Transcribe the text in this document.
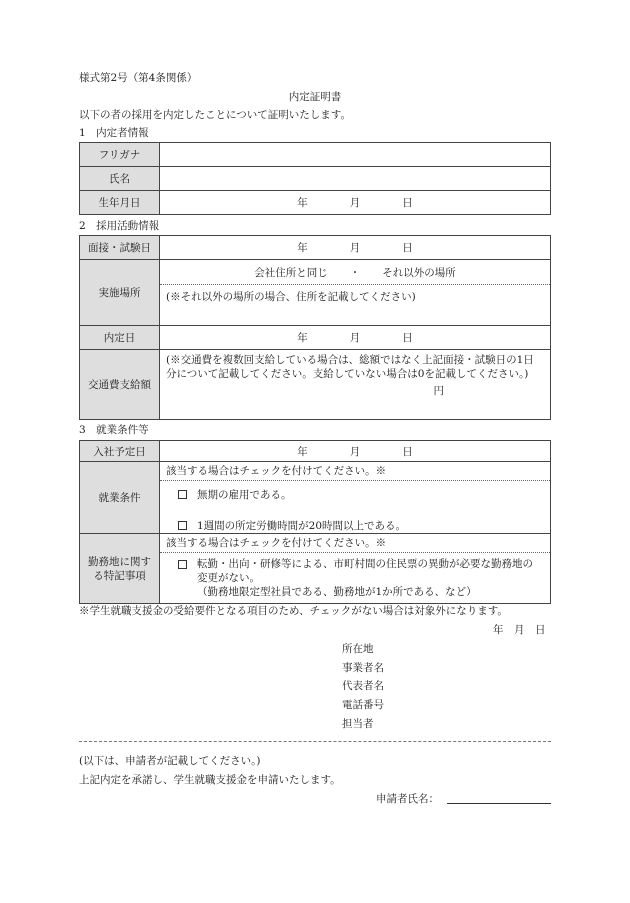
様式第2号（第4条関係）
内定証明書
以下の者の採用を内定したことについて証明いたします。
1　内定者情報
フリガナ	
氏名	
生年月日	年 月 日
2　採用活動情報
面接・試験日	年 月 日

実施場所	会社住所と同じ ・ それ以外の場所
(※それ以外の場所の場合、住所を記載してください)

内定日	年 月 日

交通費支給額	(※交通費を複数回支給している場合は、総額ではなく上記面接・試験日の1日分について記載してください。支給していない場合は0を記載してください。)
円
3　就業条件等
入社予定日	年 月 日

就業条件	該当する場合はチェックを付けてください。※
無期の雇用である。
1週間の所定労働時間が20時間以上である。

勤務地に関する特記事項	該当する場合はチェックを付けてください。※
転勤・出向・研修等による、市町村間の住民票の異動が必要な勤務地の変更がない。
（勤務地限定型社員である、勤務地が1か所である、など）
※学生就職支援金の受給要件となる項目のため、チェックがない場合は対象外になります。
年　月　日
所在地
事業者名
代表者名
電話番号
担当者
(以下は、申請者が記載してください。)
上記内定を承諾し、学生就職支援金を申請いたします。
申請者氏名：
